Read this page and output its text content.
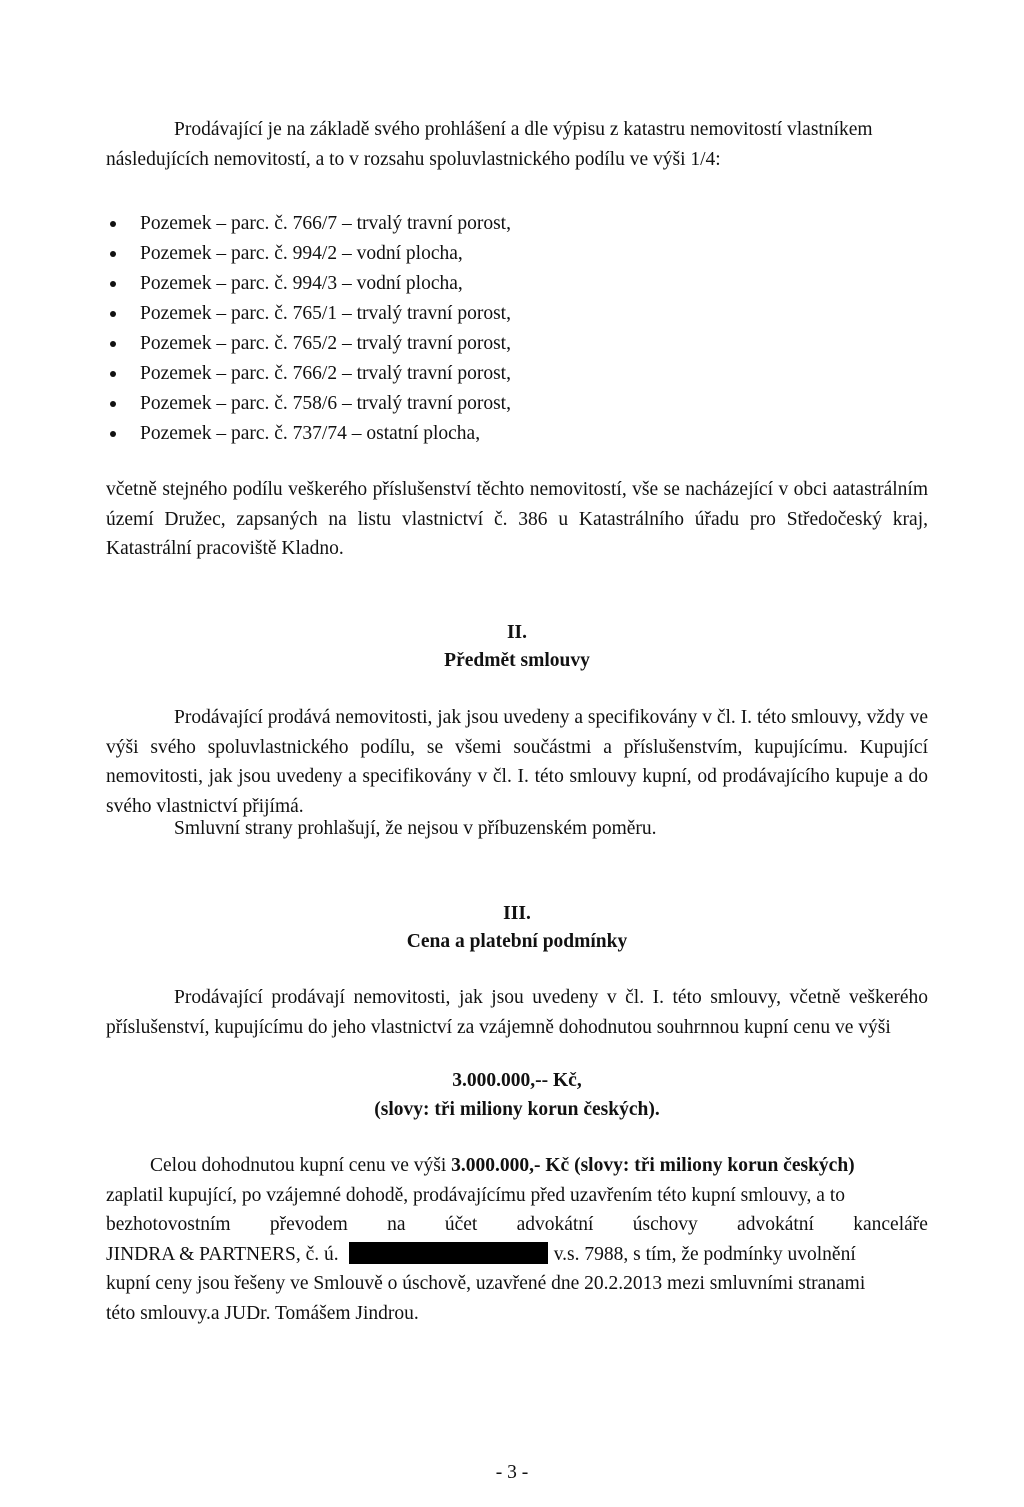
Prodávající je na základě svého prohlášení a dle výpisu z katastru nemovitostí vlastníkem
následujících nemovitostí, a to v rozsahu spoluvlastnického podílu ve výši 1/4:
Pozemek – parc. č. 766/7 – trvalý travní porost,
Pozemek – parc. č. 994/2 – vodní plocha,
Pozemek – parc. č. 994/3 – vodní plocha,
Pozemek – parc. č. 765/1 – trvalý travní porost,
Pozemek – parc. č. 765/2 – trvalý travní porost,
Pozemek – parc. č. 766/2 – trvalý travní porost,
Pozemek – parc. č. 758/6 – trvalý travní porost,
Pozemek – parc. č. 737/74 – ostatní plocha,
včetně stejného podílu veškerého příslušenství těchto nemovitostí, vše se nacházející v obci aatastrálním území Družec, zapsaných na listu vlastnictví č. 386 u Katastrálního úřadu pro Středočeský kraj, Katastrální pracoviště Kladno.
II.
Předmět smlouvy
Prodávající prodává nemovitosti, jak jsou uvedeny a specifikovány v čl. I. této smlouvy, vždy ve výši svého spoluvlastnického podílu, se všemi součástmi a příslušenstvím, kupujícímu. Kupující nemovitosti, jak jsou uvedeny a specifikovány v čl. I. této smlouvy kupní, od prodávajícího kupuje a do svého vlastnictví přijímá.
Smluvní strany prohlašují, že nejsou v příbuzenském poměru.
III.
Cena a platební podmínky
Prodávající prodávají nemovitosti, jak jsou uvedeny v čl. I. této smlouvy, včetně veškerého příslušenství, kupujícímu do jeho vlastnictví za vzájemně dohodnutou souhrnnou kupní cenu ve výši
3.000.000,-- Kč,
(slovy: tři miliony korun českých).
Celou dohodnutou kupní cenu ve výši 3.000.000,- Kč (slovy: tři miliony korun českých)
zaplatil kupující, po vzájemné dohodě, prodávajícímu před uzavřením této kupní smlouvy, a to
bezhotovostním převodem na účet advokátní úschovy advokátní kanceláře
JINDRA & PARTNERS, č. ú.	v.s. 7988, s tím, že podmínky uvolnění
kupní ceny jsou řešeny ve Smlouvě o úschově, uzavřené dne 20.2.2013 mezi smluvními stranami
této smlouvy.a JUDr. Tomášem Jindrou.
- 3 -
